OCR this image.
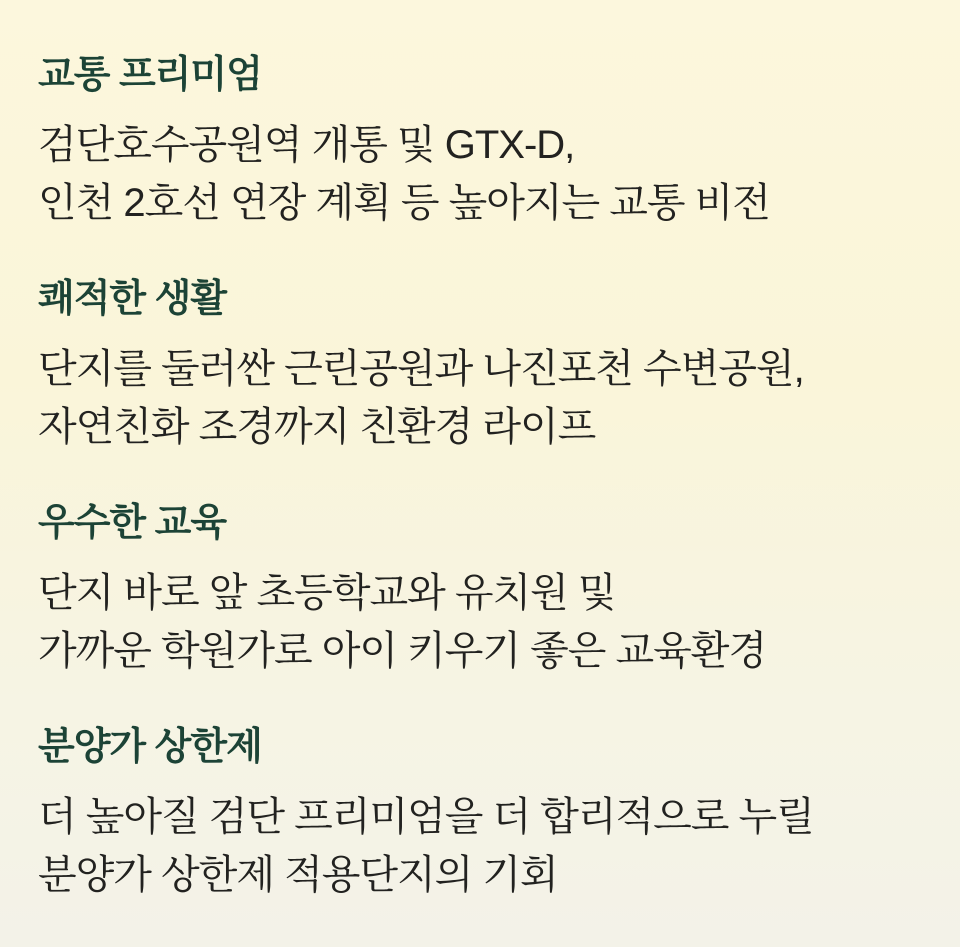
교통 프리미엄

검단호수공원역 개통 및 GTX-D,

인천 2호선 연장 계획 등 높아지는 교통 비전

쾌적한 생활

단지를 둘러싼 근린공원과 나진포천 수변공원,

자연친화 조경까지 친환경 라이프

우수한 교육

단지 바로 앞 초등학교와 유치원 및

가까운 학원가로 아이 키우기 좋은 교육환경

분양가 상한제

더 높아질 검단 프리미엄을 더 합리적으로 누릴

분양가 상한제 적용단지의 기회
